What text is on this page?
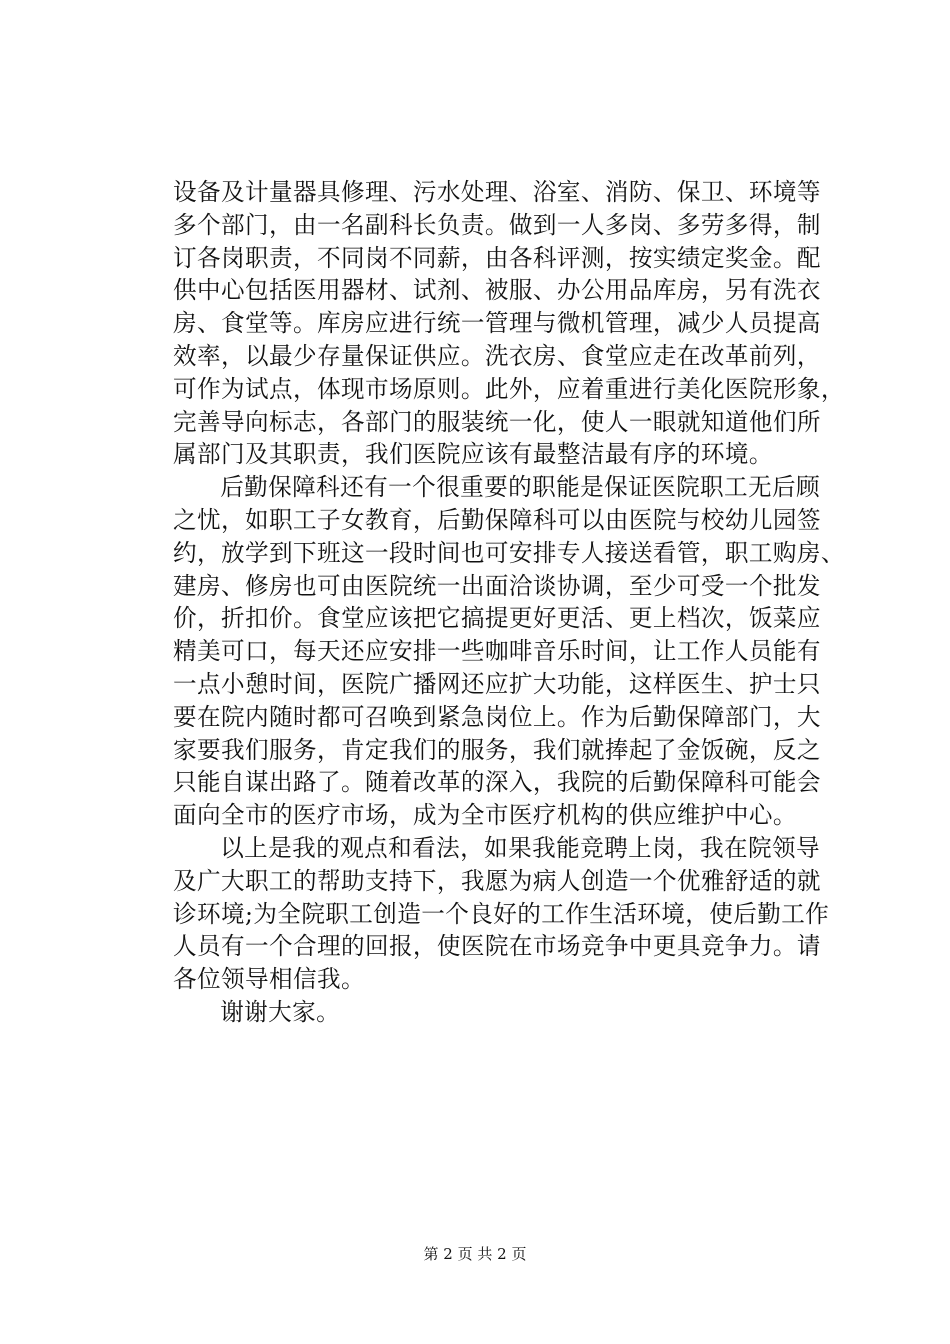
设备及计量器具修理、污水处理、浴室、消防、保卫、环境等
多个部门，由一名副科长负责。做到一人多岗、多劳多得，制
订各岗职责，不同岗不同薪，由各科评测，按实绩定奖金。配
供中心包括医用器材、试剂、被服、办公用品库房，另有洗衣
房、食堂等。库房应进行统一管理与微机管理，减少人员提高
效率，以最少存量保证供应。洗衣房、食堂应走在改革前列，
可作为试点，体现市场原则。此外，应着重进行美化医院形象，
完善导向标志，各部门的服装统一化，使人一眼就知道他们所
属部门及其职责，我们医院应该有最整洁最有序的环境。
后勤保障科还有一个很重要的职能是保证医院职工无后顾
之忧，如职工子女教育，后勤保障科可以由医院与校幼儿园签
约，放学到下班这一段时间也可安排专人接送看管，职工购房、
建房、修房也可由医院统一出面洽谈协调，至少可受一个批发
价，折扣价。食堂应该把它搞提更好更活、更上档次，饭菜应
精美可口，每天还应安排一些咖啡音乐时间，让工作人员能有
一点小憩时间，医院广播网还应扩大功能，这样医生、护士只
要在院内随时都可召唤到紧急岗位上。作为后勤保障部门，大
家要我们服务，肯定我们的服务，我们就捧起了金饭碗，反之
只能自谋出路了。随着改革的深入，我院的后勤保障科可能会
面向全市的医疗市场，成为全市医疗机构的供应维护中心。
以上是我的观点和看法，如果我能竞聘上岗，我在院领导
及广大职工的帮助支持下，我愿为病人创造一个优雅舒适的就
诊环境;为全院职工创造一个良好的工作生活环境，使后勤工作
人员有一个合理的回报，使医院在市场竞争中更具竞争力。请
各位领导相信我。
谢谢大家。
第 2 页 共 2 页
